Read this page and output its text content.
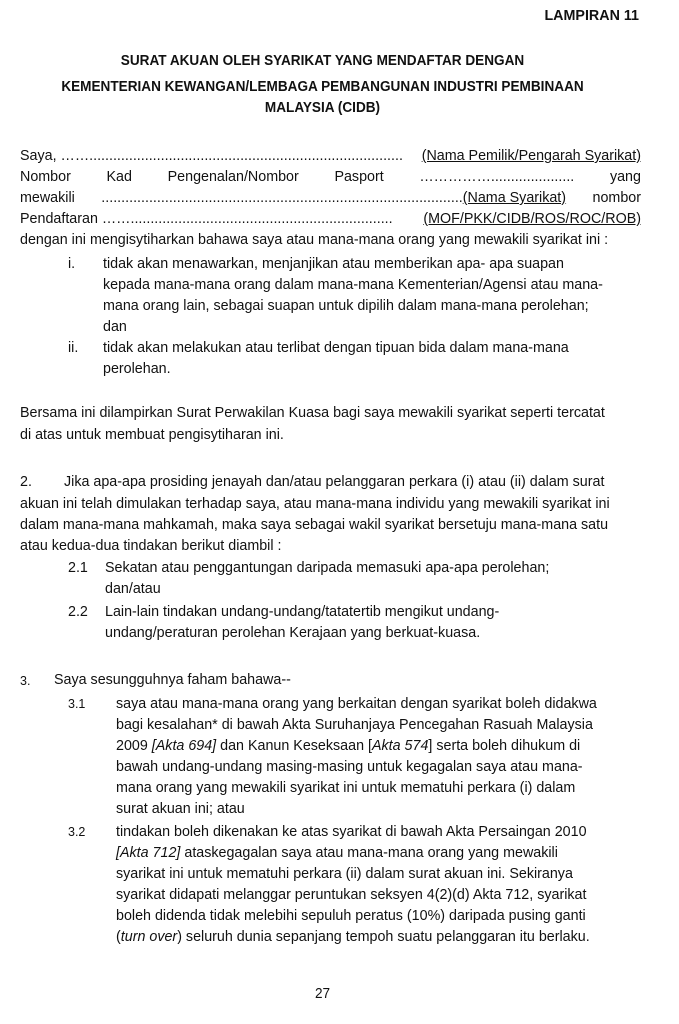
LAMPIRAN 11
SURAT AKUAN OLEH SYARIKAT YANG MENDAFTAR DENGAN
KEMENTERIAN KEWANGAN/LEMBAGA PEMBANGUNAN INDUSTRI PEMBINAAN
MALAYSIA (CIDB)
Saya, ……............................................................................... (Nama Pemilik/Pengarah Syarikat)
Nombor Kad Pengenalan/Nombor Pasport ……………..................... yang
mewakili ...........................................................................................(Nama Syarikat) nombor
Pendaftaran …….................................................................. (MOF/PKK/CIDB/ROS/ROC/ROB)
dengan ini mengisytiharkan bahawa saya atau mana-mana orang yang mewakili syarikat ini :
i. tidak akan menawarkan, menjanjikan atau memberikan apa- apa suapan
kepada mana-mana orang dalam mana-mana Kementerian/Agensi atau mana-
mana orang lain, sebagai suapan untuk dipilih dalam mana-mana perolehan;
dan
ii. tidak akan melakukan atau terlibat dengan tipuan bida dalam mana-mana
perolehan.
Bersama ini dilampirkan Surat Perwakilan Kuasa bagi saya mewakili syarikat seperti tercatat
di atas untuk membuat pengisytiharan ini.
2. Jika apa-apa prosiding jenayah dan/atau pelanggaran perkara (i) atau (ii) dalam surat
akuan ini telah dimulakan terhadap saya, atau mana-mana individu yang mewakili syarikat ini
dalam mana-mana mahkamah, maka saya sebagai wakil syarikat bersetuju mana-mana satu
atau kedua-dua tindakan berikut diambil :
2.1 Sekatan atau penggantungan daripada memasuki apa-apa perolehan;
dan/atau
2.2 Lain-lain tindakan undang-undang/tatatertib mengikut undang-
undang/peraturan perolehan Kerajaan yang berkuat-kuasa.
3. Saya sesungguhnya faham bahawa--
3.1 saya atau mana-mana orang yang berkaitan dengan syarikat boleh didakwa
bagi kesalahan* di bawah Akta Suruhanjaya Pencegahan Rasuah Malaysia
2009 [Akta 694] dan Kanun Keseksaan [Akta 574] serta boleh dihukum di
bawah undang-undang masing-masing untuk kegagalan saya atau mana-
mana orang yang mewakili syarikat ini untuk mematuhi perkara (i) dalam
surat akuan ini; atau
3.2 tindakan boleh dikenakan ke atas syarikat di bawah Akta Persaingan 2010
[Akta 712] ataskegagalan saya atau mana-mana orang yang mewakili
syarikat ini untuk mematuhi perkara (ii) dalam surat akuan ini. Sekiranya
syarikat didapati melanggar peruntukan seksyen 4(2)(d) Akta 712, syarikat
boleh didenda tidak melebihi sepuluh peratus (10%) daripada pusing ganti
(turn over) seluruh dunia sepanjang tempoh suatu pelanggaran itu berlaku.
27
